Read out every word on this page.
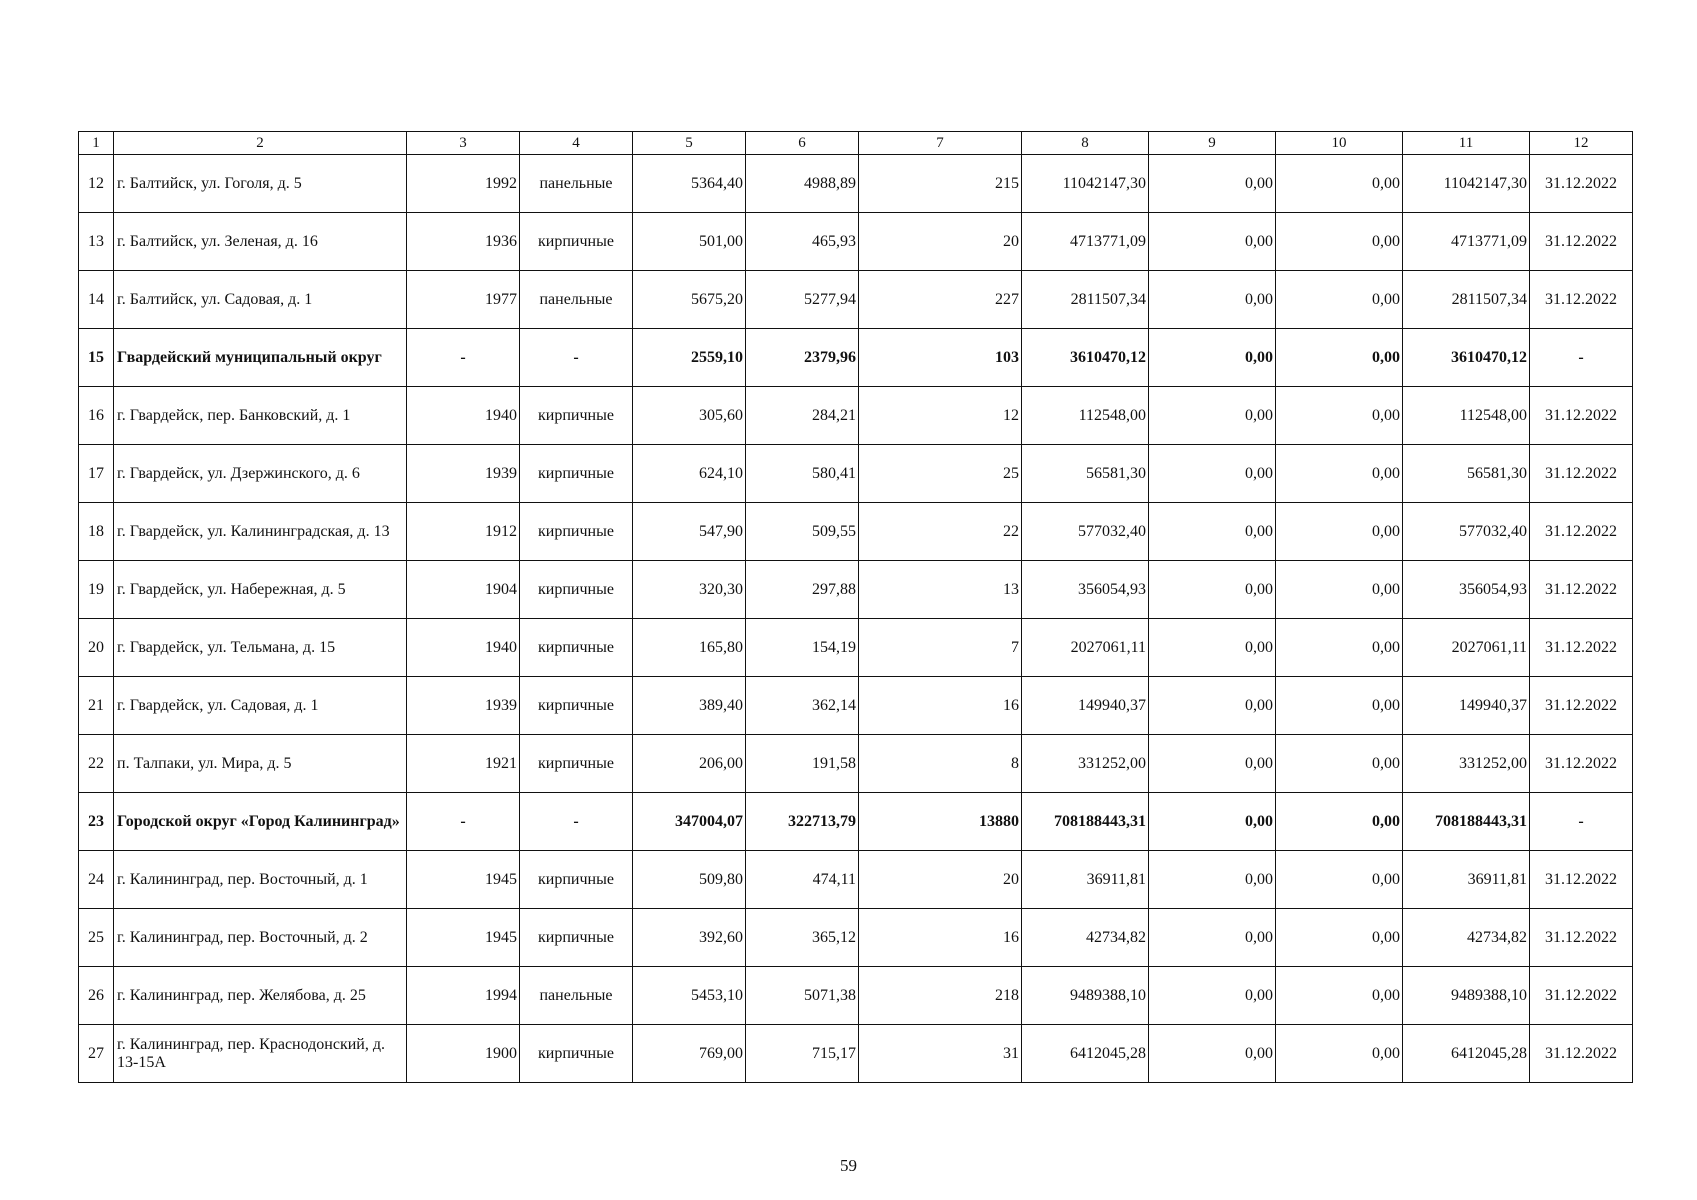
1	2	3	4	5	6	7	8	9	10	11	12
12	г. Балтийск, ул. Гоголя, д. 5	1992	панельные	5364,40	4988,89	215	11042147,30	0,00	0,00	11042147,30	31.12.2022
13	г. Балтийск, ул. Зеленая, д. 16	1936	кирпичные	501,00	465,93	20	4713771,09	0,00	0,00	4713771,09	31.12.2022
14	г. Балтийск, ул. Садовая, д. 1	1977	панельные	5675,20	5277,94	227	2811507,34	0,00	0,00	2811507,34	31.12.2022
15	Гвардейский муниципальный округ	-	-	2559,10	2379,96	103	3610470,12	0,00	0,00	3610470,12	-
16	г. Гвардейск, пер. Банковский, д. 1	1940	кирпичные	305,60	284,21	12	112548,00	0,00	0,00	112548,00	31.12.2022
17	г. Гвардейск, ул. Дзержинского, д. 6	1939	кирпичные	624,10	580,41	25	56581,30	0,00	0,00	56581,30	31.12.2022
18	г. Гвардейск, ул. Калининградская, д. 13	1912	кирпичные	547,90	509,55	22	577032,40	0,00	0,00	577032,40	31.12.2022
19	г. Гвардейск, ул. Набережная, д. 5	1904	кирпичные	320,30	297,88	13	356054,93	0,00	0,00	356054,93	31.12.2022
20	г. Гвардейск, ул. Тельмана, д. 15	1940	кирпичные	165,80	154,19	7	2027061,11	0,00	0,00	2027061,11	31.12.2022
21	г. Гвардейск, ул. Садовая, д. 1	1939	кирпичные	389,40	362,14	16	149940,37	0,00	0,00	149940,37	31.12.2022
22	п. Талпаки, ул. Мира, д. 5	1921	кирпичные	206,00	191,58	8	331252,00	0,00	0,00	331252,00	31.12.2022
23	Городской округ «Город Калининград»	-	-	347004,07	322713,79	13880	708188443,31	0,00	0,00	708188443,31	-
24	г. Калининград, пер. Восточный, д. 1	1945	кирпичные	509,80	474,11	20	36911,81	0,00	0,00	36911,81	31.12.2022
25	г. Калининград, пер. Восточный, д. 2	1945	кирпичные	392,60	365,12	16	42734,82	0,00	0,00	42734,82	31.12.2022
26	г. Калининград, пер. Желябова, д. 25	1994	панельные	5453,10	5071,38	218	9489388,10	0,00	0,00	9489388,10	31.12.2022
27	г. Калининград, пер. Краснодонский, д. 13-15А	1900	кирпичные	769,00	715,17	31	6412045,28	0,00	0,00	6412045,28	31.12.2022
59
